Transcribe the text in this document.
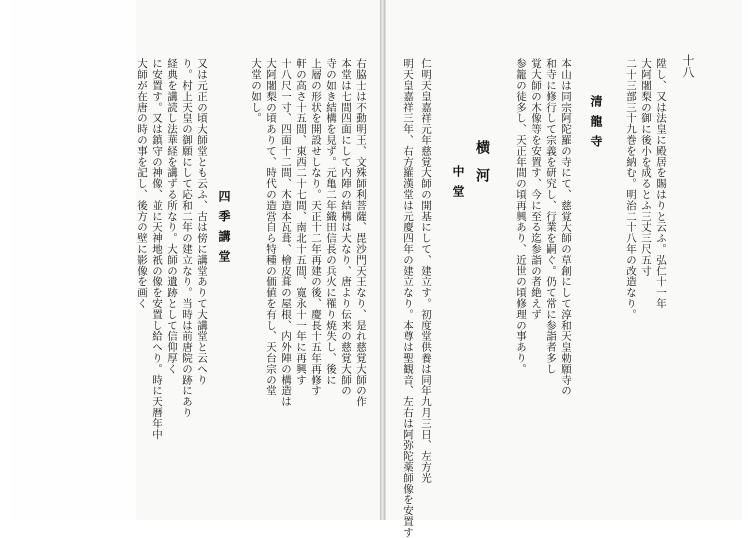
十八
陞し、又は法皇に殿居を賜はりと云ふ。弘仁十一年
大阿闍梨の御に後小を成るとふ三丈三尺五寸
二十三部三十九巻を納む。明治二十八年の改造なり。
清龍寺
本山は同宗阿陀羅の寺にて、慈覚大師の草創にして淳和天皇勅願寺の
和寺に修行して宗義を研究し、行業を嗣ぐ。仍て常に参詣者多し
覚大師の木像等を安置す、今に至る迄参詣の者絶えず
参籠の徒多し、天正年間の頃再興あり、近世の頃修理の事あり。
横河
中堂
仁明天皇嘉祥元年慈覚大師の開基にして、建立す。初度堂供養は同年九月三日、左方光
明天皇嘉祥三年、右方羅漢堂は元慶四年の建立なり。本尊は聖観音、左右は阿弥陀薬師像を安置す
右脇士は不動明王、文殊師利菩薩、毘沙門天王なり、是れ慈覚大師の作
本堂は七間四面にして内陣の結構は大なり、唐より伝来の慈覚大師の
寺の如き結構を見ず。元亀二年織田信長の兵火に罹り焼失し、後に
上層の形状を開設せしなり。天正十二年再建の後、慶長十五年再修す
軒の高さ十五間、東西二十七間、南北十五間、寛永十一年に再興す
十八尺一寸、四面十二間、木造本瓦葺、檜皮葺の屋根、内外陣の構造は
大阿闍梨の頃ありて、時代の造営自ら特種の価値を有し、天台宗の堂
大堂の如し。
四季講堂
又は元正の頃大師堂とも云ふ、古は傍に講堂ありて大講堂と云へり
り。村上天皇の御願にして応和二年の建立なり。当時は前唐院の跡にあり
経典を講読し法華経を講ずる所なり。大師の遺跡として信仰厚く
に安置す。又は鎮守の神像、並に天神地祇の像を安置し給へり。時に天暦年中
大師が在唐の時の事を記し、後方の壁に影像を画く
